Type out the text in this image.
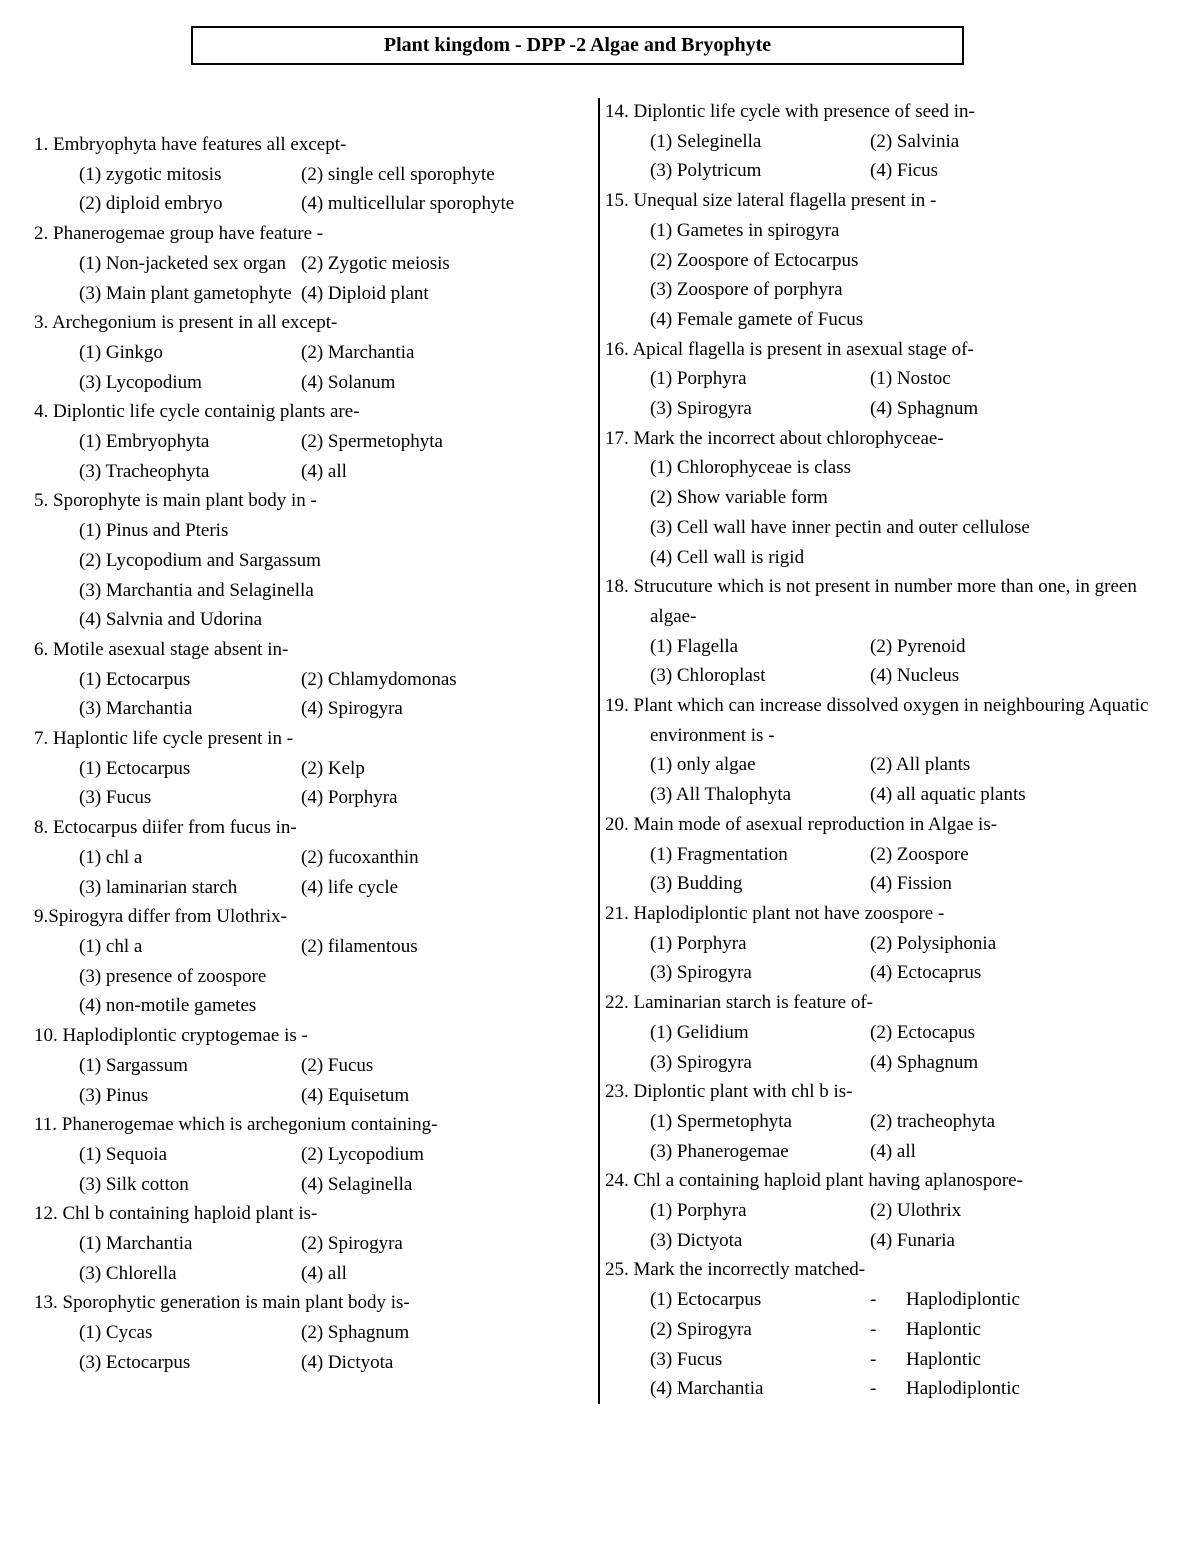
Plant kingdom - DPP -2 Algae and Bryophyte
1. Embryophyta have features all except-
(1) zygotic mitosis	(2) single cell sporophyte
(2) diploid embryo	(4) multicellular sporophyte
2. Phanerogemae group have feature -
(1) Non-jacketed sex organ (2) Zygotic meiosis
(3) Main plant gametophyte (4) Diploid plant
3. Archegonium is present in all except-
(1) Ginkgo	(2) Marchantia
(3) Lycopodium	(4) Solanum
4. Diplontic life cycle containig plants are-
(1) Embryophyta	(2) Spermetophyta
(3) Tracheophyta	(4) all
5. Sporophyte is main plant body in -
(1) Pinus and Pteris
(2) Lycopodium and Sargassum
(3) Marchantia and Selaginella
(4) Salvnia and Udorina
6. Motile asexual stage absent in-
(1) Ectocarpus	(2) Chlamydomonas
(3) Marchantia	(4) Spirogyra
7. Haplontic life cycle present in -
(1) Ectocarpus	(2) Kelp
(3) Fucus	(4) Porphyra
8. Ectocarpus diifer from fucus in-
(1) chl a	(2) fucoxanthin
(3) laminarian starch	(4) life cycle
9.Spirogyra differ from Ulothrix-
(1) chl a	(2) filamentous
(3) presence of zoospore
(4) non-motile gametes
10. Haplodiplontic cryptogemae is -
(1) Sargassum	(2) Fucus
(3) Pinus	(4) Equisetum
11. Phanerogemae which is archegonium containing-
(1) Sequoia	(2) Lycopodium
(3) Silk cotton	(4) Selaginella
12. Chl b containing haploid plant is-
(1) Marchantia	(2) Spirogyra
(3) Chlorella	(4) all
13. Sporophytic generation is main plant body is-
(1) Cycas	(2) Sphagnum
(3) Ectocarpus	(4) Dictyota
14. Diplontic life cycle with presence of seed in-
(1) Seleginella	(2) Salvinia
(3) Polytricum	(4) Ficus
15. Unequal size lateral flagella present in -
(1) Gametes in spirogyra
(2) Zoospore of Ectocarpus
(3) Zoospore of porphyra
(4) Female gamete of Fucus
16. Apical flagella is present in asexual stage of-
(1) Porphyra	(1) Nostoc
(3) Spirogyra	(4) Sphagnum
17. Mark the incorrect about chlorophyceae-
(1) Chlorophyceae is class
(2) Show variable form
(3) Cell wall have inner pectin and outer cellulose
(4) Cell wall is rigid
18. Strucuture which is not present in number more than one, in green algae-
(1) Flagella	(2) Pyrenoid
(3) Chloroplast	(4) Nucleus
19. Plant which can increase dissolved oxygen in neighbouring Aquatic environment is -
(1) only algae	(2) All plants
(3) All Thalophyta	(4) all aquatic plants
20. Main mode of asexual reproduction in Algae is-
(1) Fragmentation	(2) Zoospore
(3) Budding	(4) Fission
21. Haplodiplontic plant not have zoospore -
(1) Porphyra	(2) Polysiphonia
(3) Spirogyra	(4) Ectocaprus
22. Laminarian starch is feature of-
(1) Gelidium	(2) Ectocapus
(3) Spirogyra	(4) Sphagnum
23. Diplontic plant with chl b is-
(1) Spermetophyta	(2) tracheophyta
(3) Phanerogemae	(4) all
24. Chl a containing haploid plant having aplanospore-
(1) Porphyra	(2) Ulothrix
(3) Dictyota	(4) Funaria
25. Mark the incorrectly matched-
(1) Ectocarpus	-	Haplodiplontic
(2) Spirogyra	-	Haplontic
(3) Fucus	-	Haplontic
(4) Marchantia	-	Haplodiplontic
